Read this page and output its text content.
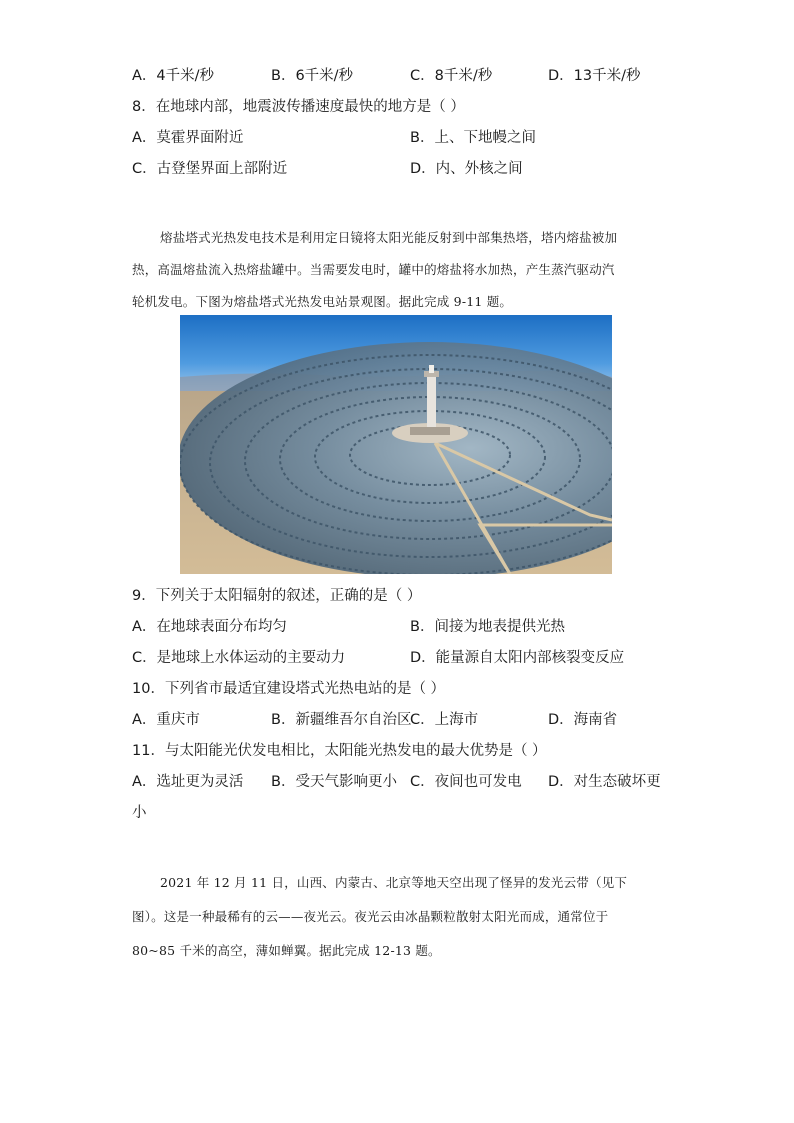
A．4千米/秒	B．6千米/秒	C．8千米/秒	D．13千米/秒
8．在地球内部，地震波传播速度最快的地方是（ ）
A．莫霍界面附近	B．上、下地幔之间
C．古登堡界面上部附近	D．内、外核之间
熔盐塔式光热发电技术是利用定日镜将太阳光能反射到中部集热塔，塔内熔盐被加
热，高温熔盐流入热熔盐罐中。当需要发电时，罐中的熔盐将水加热，产生蒸汽驱动汽
轮机发电。下图为熔盐塔式光热发电站景观图。据此完成 9-11 题。
9．下列关于太阳辐射的叙述，正确的是（ ）
A．在地球表面分布均匀	B．间接为地表提供光热
C．是地球上水体运动的主要动力	D．能量源自太阳内部核裂变反应
10．下列省市最适宜建设塔式光热电站的是（ ）
A．重庆市	B．新疆维吾尔自治区
C．上海市	D．海南省
11．与太阳能光伏发电相比，太阳能光热发电的最大优势是（ ）
A．选址更为灵活 B．受天气影响更小 C．夜间也可发电 D．对生态破坏更
小
2021 年 12 月 11 日，山西、内蒙古、北京等地天空出现了怪异的发光云带（见下
图）。这是一种最稀有的云——夜光云。夜光云由冰晶颗粒散射太阳光而成，通常位于
80~85 千米的高空，薄如蝉翼。据此完成 12-13 题。
